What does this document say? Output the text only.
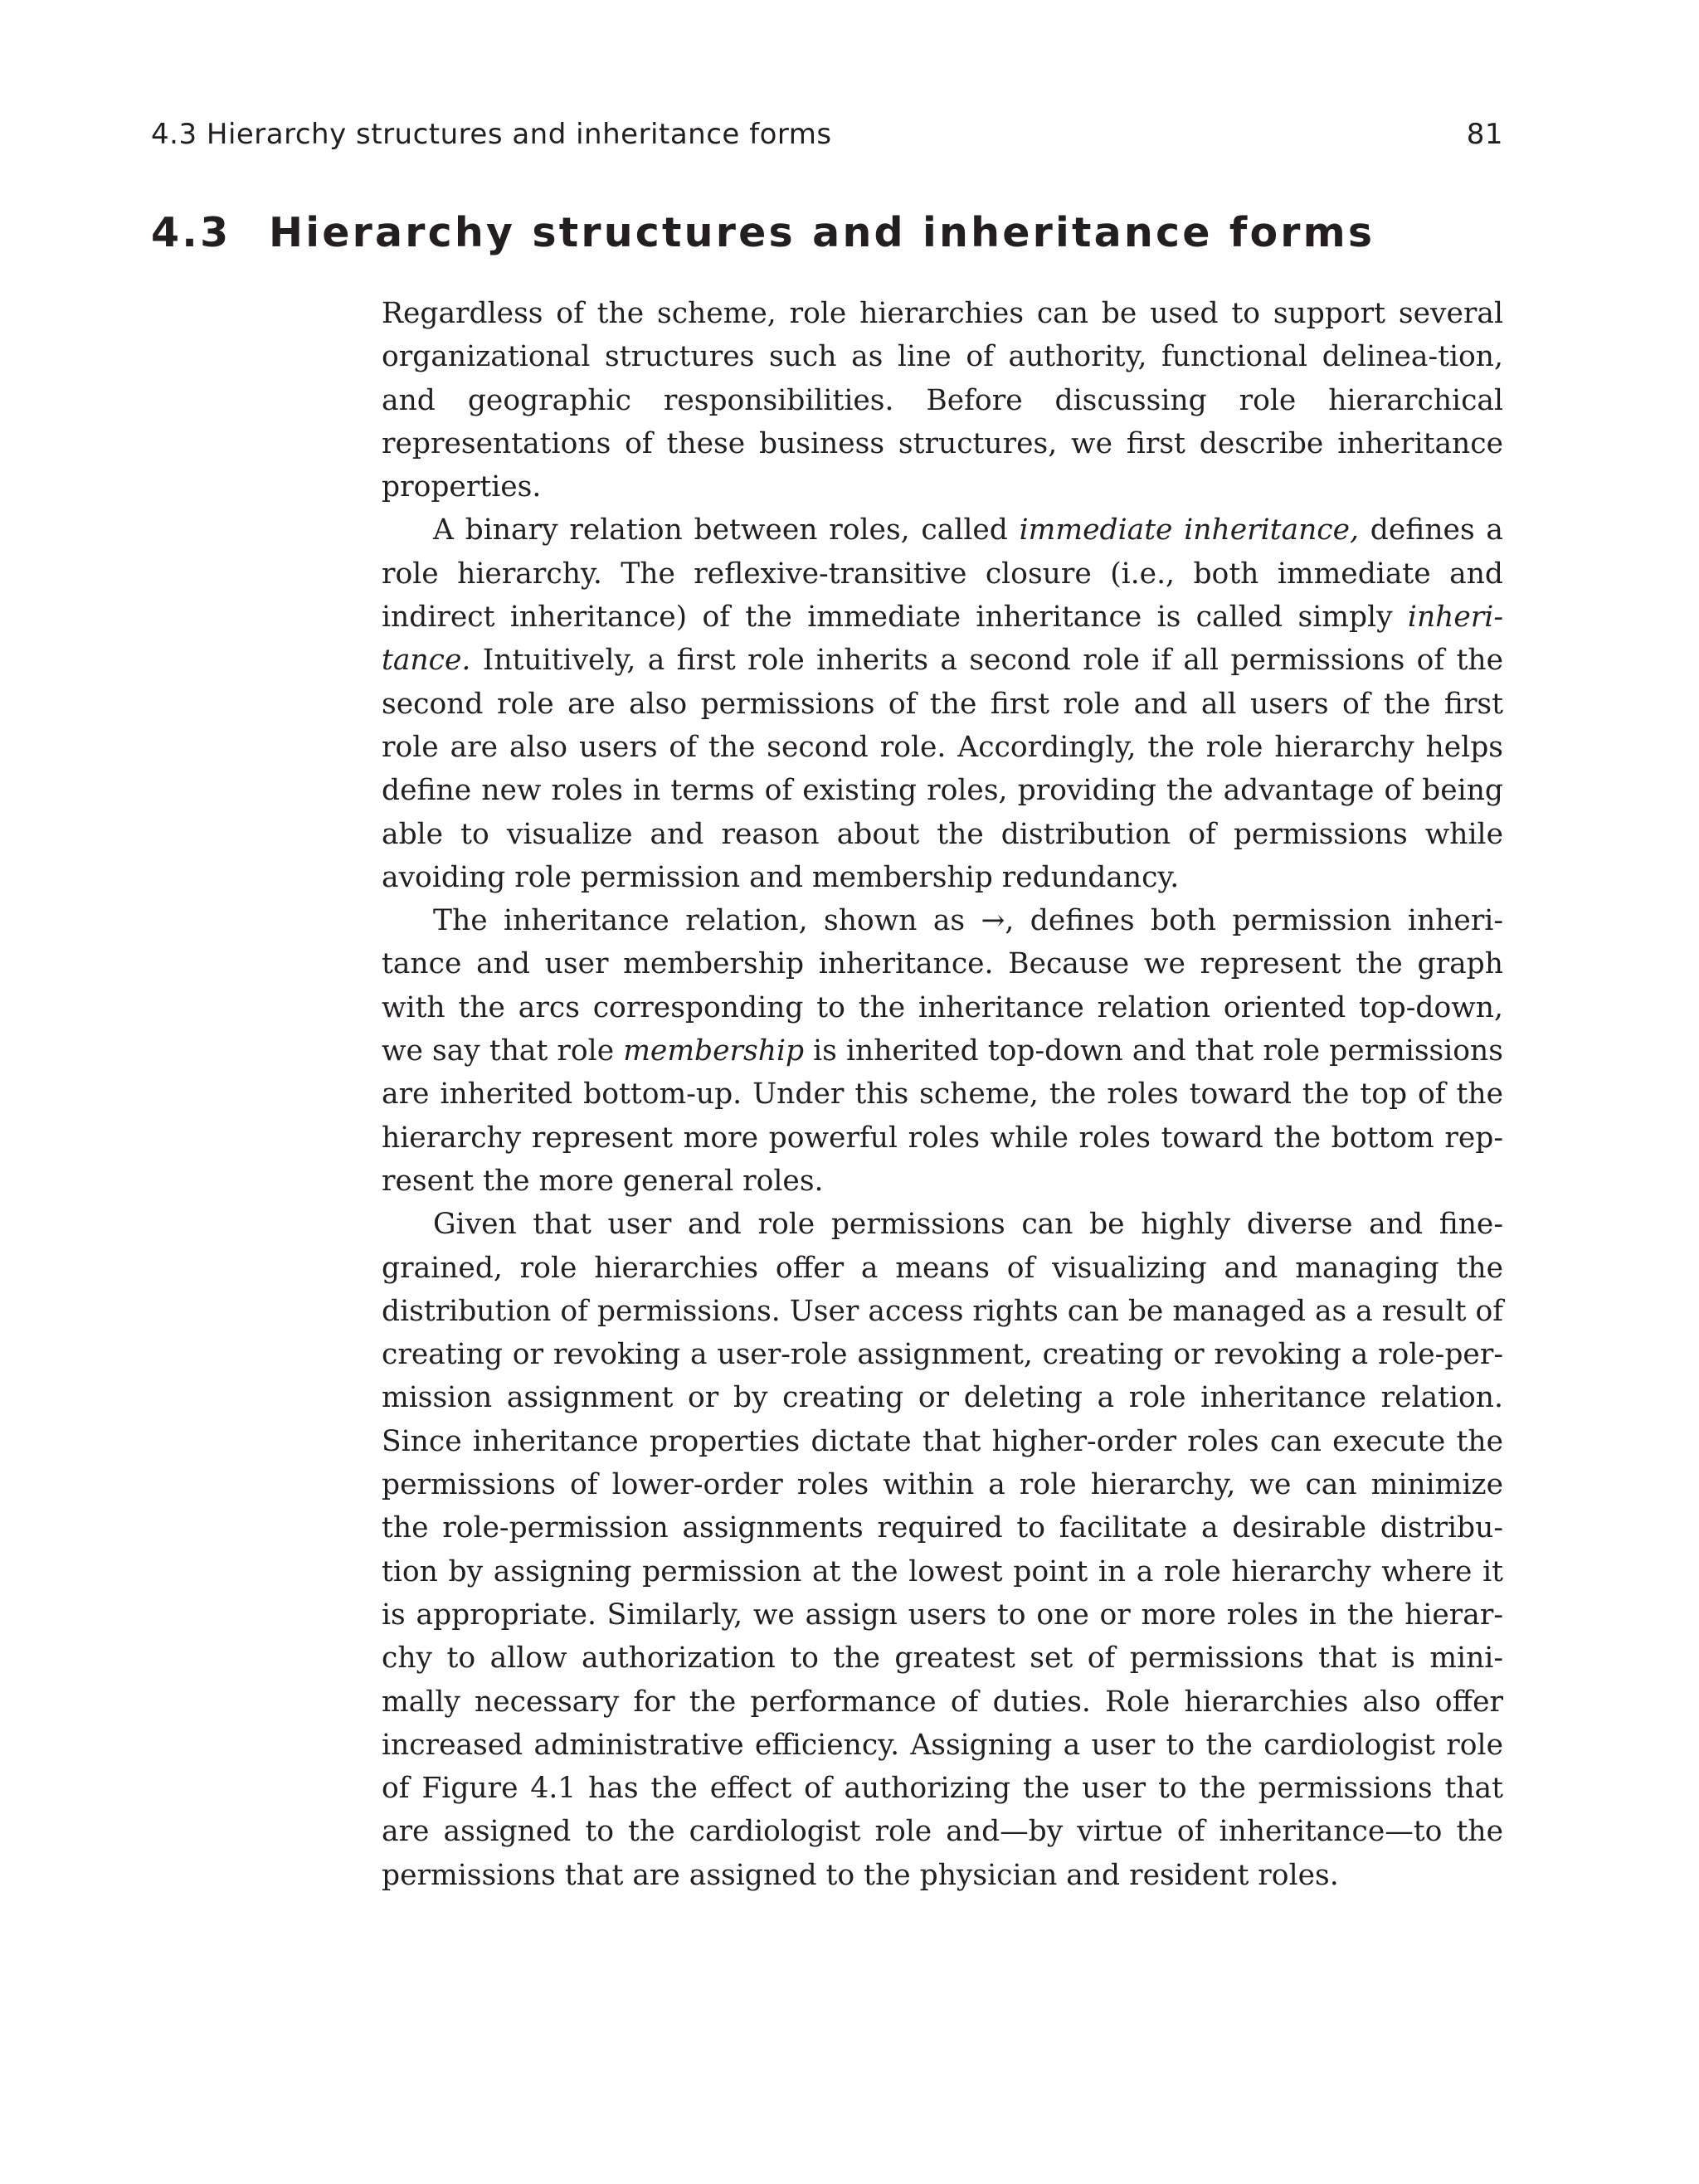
4.3 Hierarchy structures and inheritance forms	81
4.3 Hierarchy structures and inheritance forms

Regardless of the scheme, role hierarchies can be used to support several organizational structures such as line of authority, functional delinea-tion, and geographic responsibilities. Before discussing role hierarchical representations of these business structures, we first describe inheritance properties.

A binary relation between roles, called immediate inheritance, defines a role hierarchy. The reflexive-transitive closure (i.e., both immediate and indirect inheritance) of the immediate inheritance is called simply inheri-tance. Intuitively, a first role inherits a second role if all permissions of the second role are also permissions of the first role and all users of the first role are also users of the second role. Accordingly, the role hierarchy helps define new roles in terms of existing roles, providing the advantage of being able to visualize and reason about the distribution of permissions while avoiding role permission and membership redundancy.

The inheritance relation, shown as →, defines both permission inheri-tance and user membership inheritance. Because we represent the graph with the arcs corresponding to the inheritance relation oriented top-down, we say that role membership is inherited top-down and that role permissions are inherited bottom-up. Under this scheme, the roles toward the top of the hierarchy represent more powerful roles while roles toward the bottom rep-resent the more general roles.

Given that user and role permissions can be highly diverse and fine-grained, role hierarchies offer a means of visualizing and managing the distribution of permissions. User access rights can be managed as a result of creating or revoking a user-role assignment, creating or revoking a role-per-mission assignment or by creating or deleting a role inheritance relation. Since inheritance properties dictate that higher-order roles can execute the permissions of lower-order roles within a role hierarchy, we can minimize the role-permission assignments required to facilitate a desirable distribu-tion by assigning permission at the lowest point in a role hierarchy where it is appropriate. Similarly, we assign users to one or more roles in the hierar-chy to allow authorization to the greatest set of permissions that is mini-mally necessary for the performance of duties. Role hierarchies also offer increased administrative efficiency. Assigning a user to the cardiologist role of Figure 4.1 has the effect of authorizing the user to the permissions that are assigned to the cardiologist role and—by virtue of inheritance—to the permissions that are assigned to the physician and resident roles.
